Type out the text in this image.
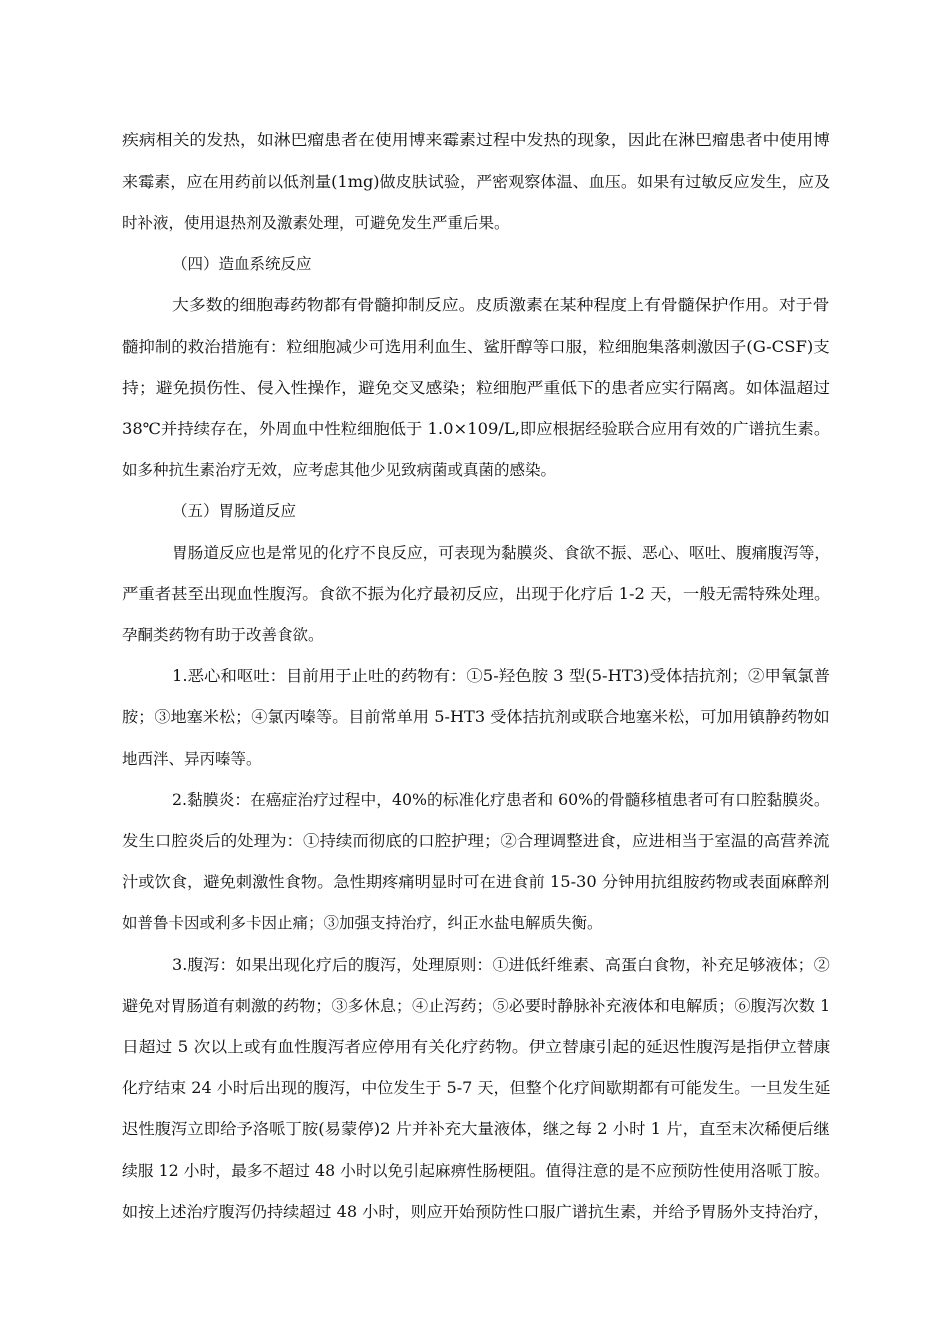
疾病相关的发热，如淋巴瘤患者在使用博来霉素过程中发热的现象，因此在淋巴瘤患者中使用博
来霉素，应在用药前以低剂量(1mg)做皮肤试验，严密观察体温、血压。如果有过敏反应发生，应及
时补液，使用退热剂及激素处理，可避免发生严重后果。
（四）造血系统反应
大多数的细胞毒药物都有骨髓抑制反应。皮质激素在某种程度上有骨髓保护作用。对于骨
髓抑制的救治措施有：粒细胞减少可选用利血生、鲨肝醇等口服，粒细胞集落刺激因子(G-CSF)支
持；避免损伤性、侵入性操作，避免交叉感染；粒细胞严重低下的患者应实行隔离。如体温超过
38℃并持续存在，外周血中性粒细胞低于 1.0×109/L,即应根据经验联合应用有效的广谱抗生素。
如多种抗生素治疗无效，应考虑其他少见致病菌或真菌的感染。
（五）胃肠道反应
胃肠道反应也是常见的化疗不良反应，可表现为黏膜炎、食欲不振、恶心、呕吐、腹痛腹泻等，
严重者甚至出现血性腹泻。食欲不振为化疗最初反应，出现于化疗后 1-2 天，一般无需特殊处理。
孕酮类药物有助于改善食欲。
1.恶心和呕吐：目前用于止吐的药物有：①5-羟色胺 3 型(5-HT3)受体拮抗剂；②甲氧氯普
胺；③地塞米松；④氯丙嗪等。目前常单用 5-HT3 受体拮抗剂或联合地塞米松，可加用镇静药物如
地西泮、异丙嗪等。
2.黏膜炎：在癌症治疗过程中，40%的标准化疗患者和 60%的骨髓移植患者可有口腔黏膜炎。
发生口腔炎后的处理为：①持续而彻底的口腔护理；②合理调整进食，应进相当于室温的高营养流
汁或饮食，避免刺激性食物。急性期疼痛明显时可在进食前 15-30 分钟用抗组胺药物或表面麻醉剂
如普鲁卡因或利多卡因止痛；③加强支持治疗，纠正水盐电解质失衡。
3.腹泻：如果出现化疗后的腹泻，处理原则：①进低纤维素、高蛋白食物，补充足够液体；②
避免对胃肠道有刺激的药物；③多休息；④止泻药；⑤必要时静脉补充液体和电解质；⑥腹泻次数 1
日超过 5 次以上或有血性腹泻者应停用有关化疗药物。伊立替康引起的延迟性腹泻是指伊立替康
化疗结束 24 小时后出现的腹泻，中位发生于 5-7 天，但整个化疗间歇期都有可能发生。一旦发生延
迟性腹泻立即给予洛哌丁胺(易蒙停)2 片并补充大量液体，继之每 2 小时 1 片，直至末次稀便后继
续服 12 小时，最多不超过 48 小时以免引起麻痹性肠梗阻。值得注意的是不应预防性使用洛哌丁胺。
如按上述治疗腹泻仍持续超过 48 小时，则应开始预防性口服广谱抗生素，并给予胃肠外支持治疗，
